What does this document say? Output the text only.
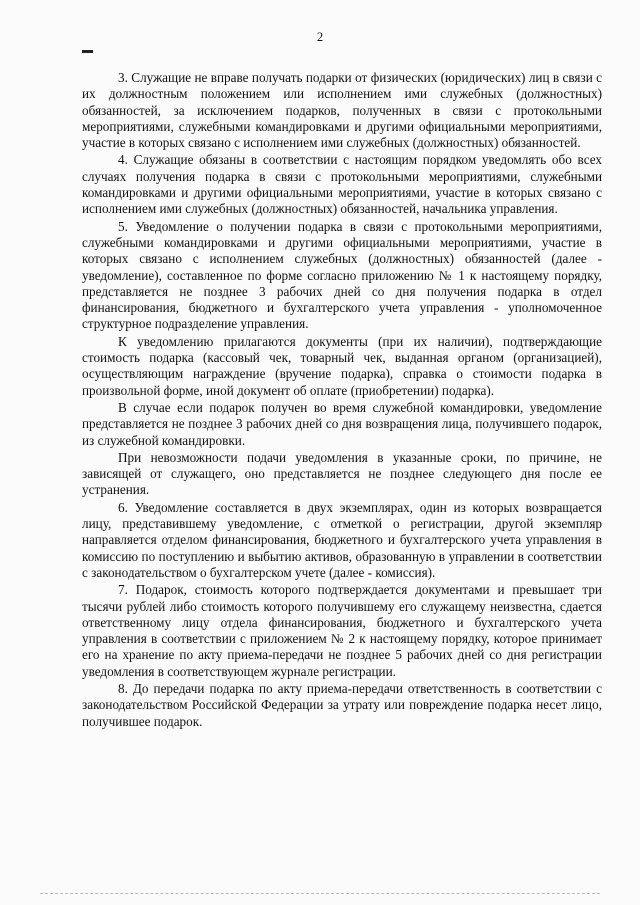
2

3. Служащие не вправе получать подарки от физических (юридических) лиц в связи с их должностным положением или исполнением ими служебных (должностных) обязанностей, за исключением подарков, полученных в связи с протокольными мероприятиями, служебными командировками и другими официальными мероприятиями, участие в которых связано с исполнением ими служебных (должностных) обязанностей.

4. Служащие обязаны в соответствии с настоящим порядком уведомлять обо всех случаях получения подарка в связи с протокольными мероприятиями, служебными командировками и другими официальными мероприятиями, участие в которых связано с исполнением ими служебных (должностных) обязанностей, начальника управления.

5. Уведомление о получении подарка в связи с протокольными мероприятиями, служебными командировками и другими официальными мероприятиями, участие в которых связано с исполнением служебных (должностных) обязанностей (далее - уведомление), составленное по форме согласно приложению № 1 к настоящему порядку, представляется не позднее 3 рабочих дней со дня получения подарка в отдел финансирования, бюджетного и бухгалтерского учета управления - уполномоченное структурное подразделение управления.

К уведомлению прилагаются документы (при их наличии), подтверждающие стоимость подарка (кассовый чек, товарный чек, выданная органом (организацией), осуществляющим награждение (вручение подарка), справка о стоимости подарка в произвольной форме, иной документ об оплате (приобретении) подарка).

В случае если подарок получен во время служебной командировки, уведомление представляется не позднее 3 рабочих дней со дня возвращения лица, получившего подарок, из служебной командировки.

При невозможности подачи уведомления в указанные сроки, по причине, не зависящей от служащего, оно представляется не позднее следующего дня после ее устранения.

6. Уведомление составляется в двух экземплярах, один из которых возвращается лицу, представившему уведомление, с отметкой о регистрации, другой экземпляр направляется отделом финансирования, бюджетного и бухгалтерского учета управления в комиссию по поступлению и выбытию активов, образованную в управлении в соответствии с законодательством о бухгалтерском учете (далее - комиссия).

7. Подарок, стоимость которого подтверждается документами и превышает три тысячи рублей либо стоимость которого получившему его служащему неизвестна, сдается ответственному лицу отдела финансирования, бюджетного и бухгалтерского учета управления в соответствии с приложением № 2 к настоящему порядку, которое принимает его на хранение по акту приема-передачи не позднее 5 рабочих дней со дня регистрации уведомления в соответствующем журнале регистрации.

8. До передачи подарка по акту приема-передачи ответственность в соответствии с законодательством Российской Федерации за утрату или повреждение подарка несет лицо, получившее подарок.
